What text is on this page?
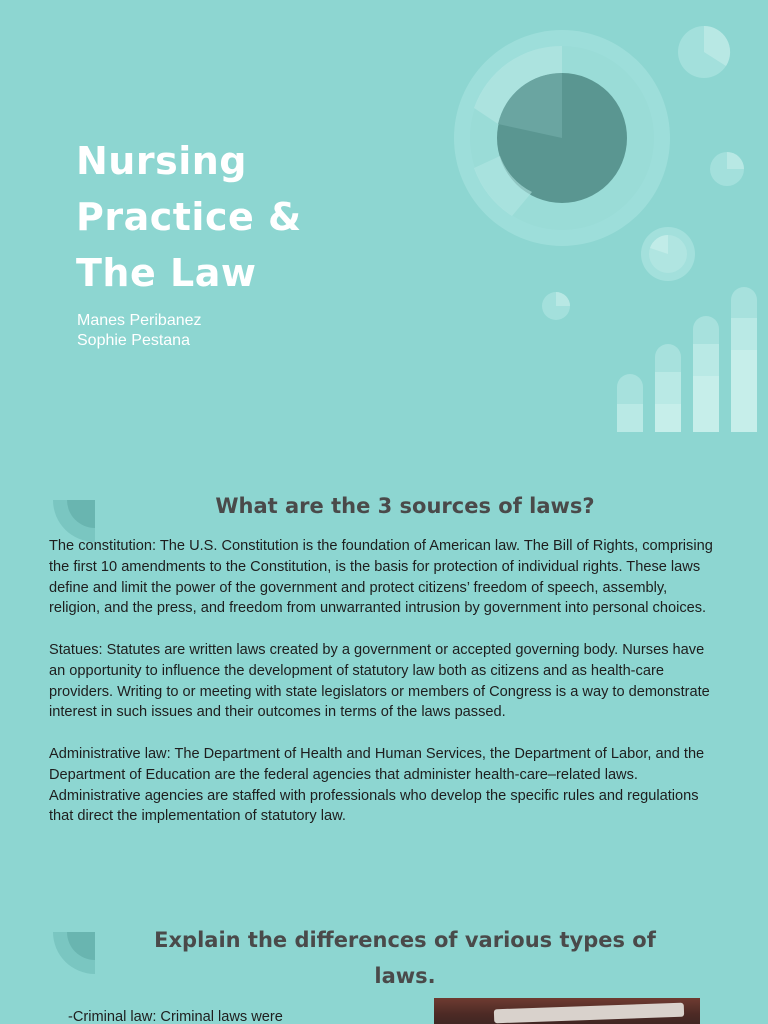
Nursing
Practice &
The Law
Manes Peribanez
Sophie Pestana
What are the 3 sources of laws?

The constitution: The U.S. Constitution is the foundation of American law. The Bill of Rights, comprising the first 10 amendments to the Constitution, is the basis for protection of individual rights. These laws define and limit the power of the government and protect citizens’ freedom of speech, assembly, religion, and the press, and freedom from unwarranted intrusion by government into personal choices.

Statues: Statutes are written laws created by a government or accepted governing body. Nurses have an opportunity to influence the development of statutory law both as citizens and as health-care providers. Writing to or meeting with state legislators or members of Congress is a way to demonstrate interest in such issues and their outcomes in terms of the laws passed.

Administrative law: The Department of Health and Human Services, the Department of Labor, and the Department of Education are the federal agencies that administer health-care–related laws. Administrative agencies are staffed with professionals who develop the specific rules and regulations that direct the implementation of statutory law.

Explain the differences of various types of laws.
-Criminal law: Criminal laws were
